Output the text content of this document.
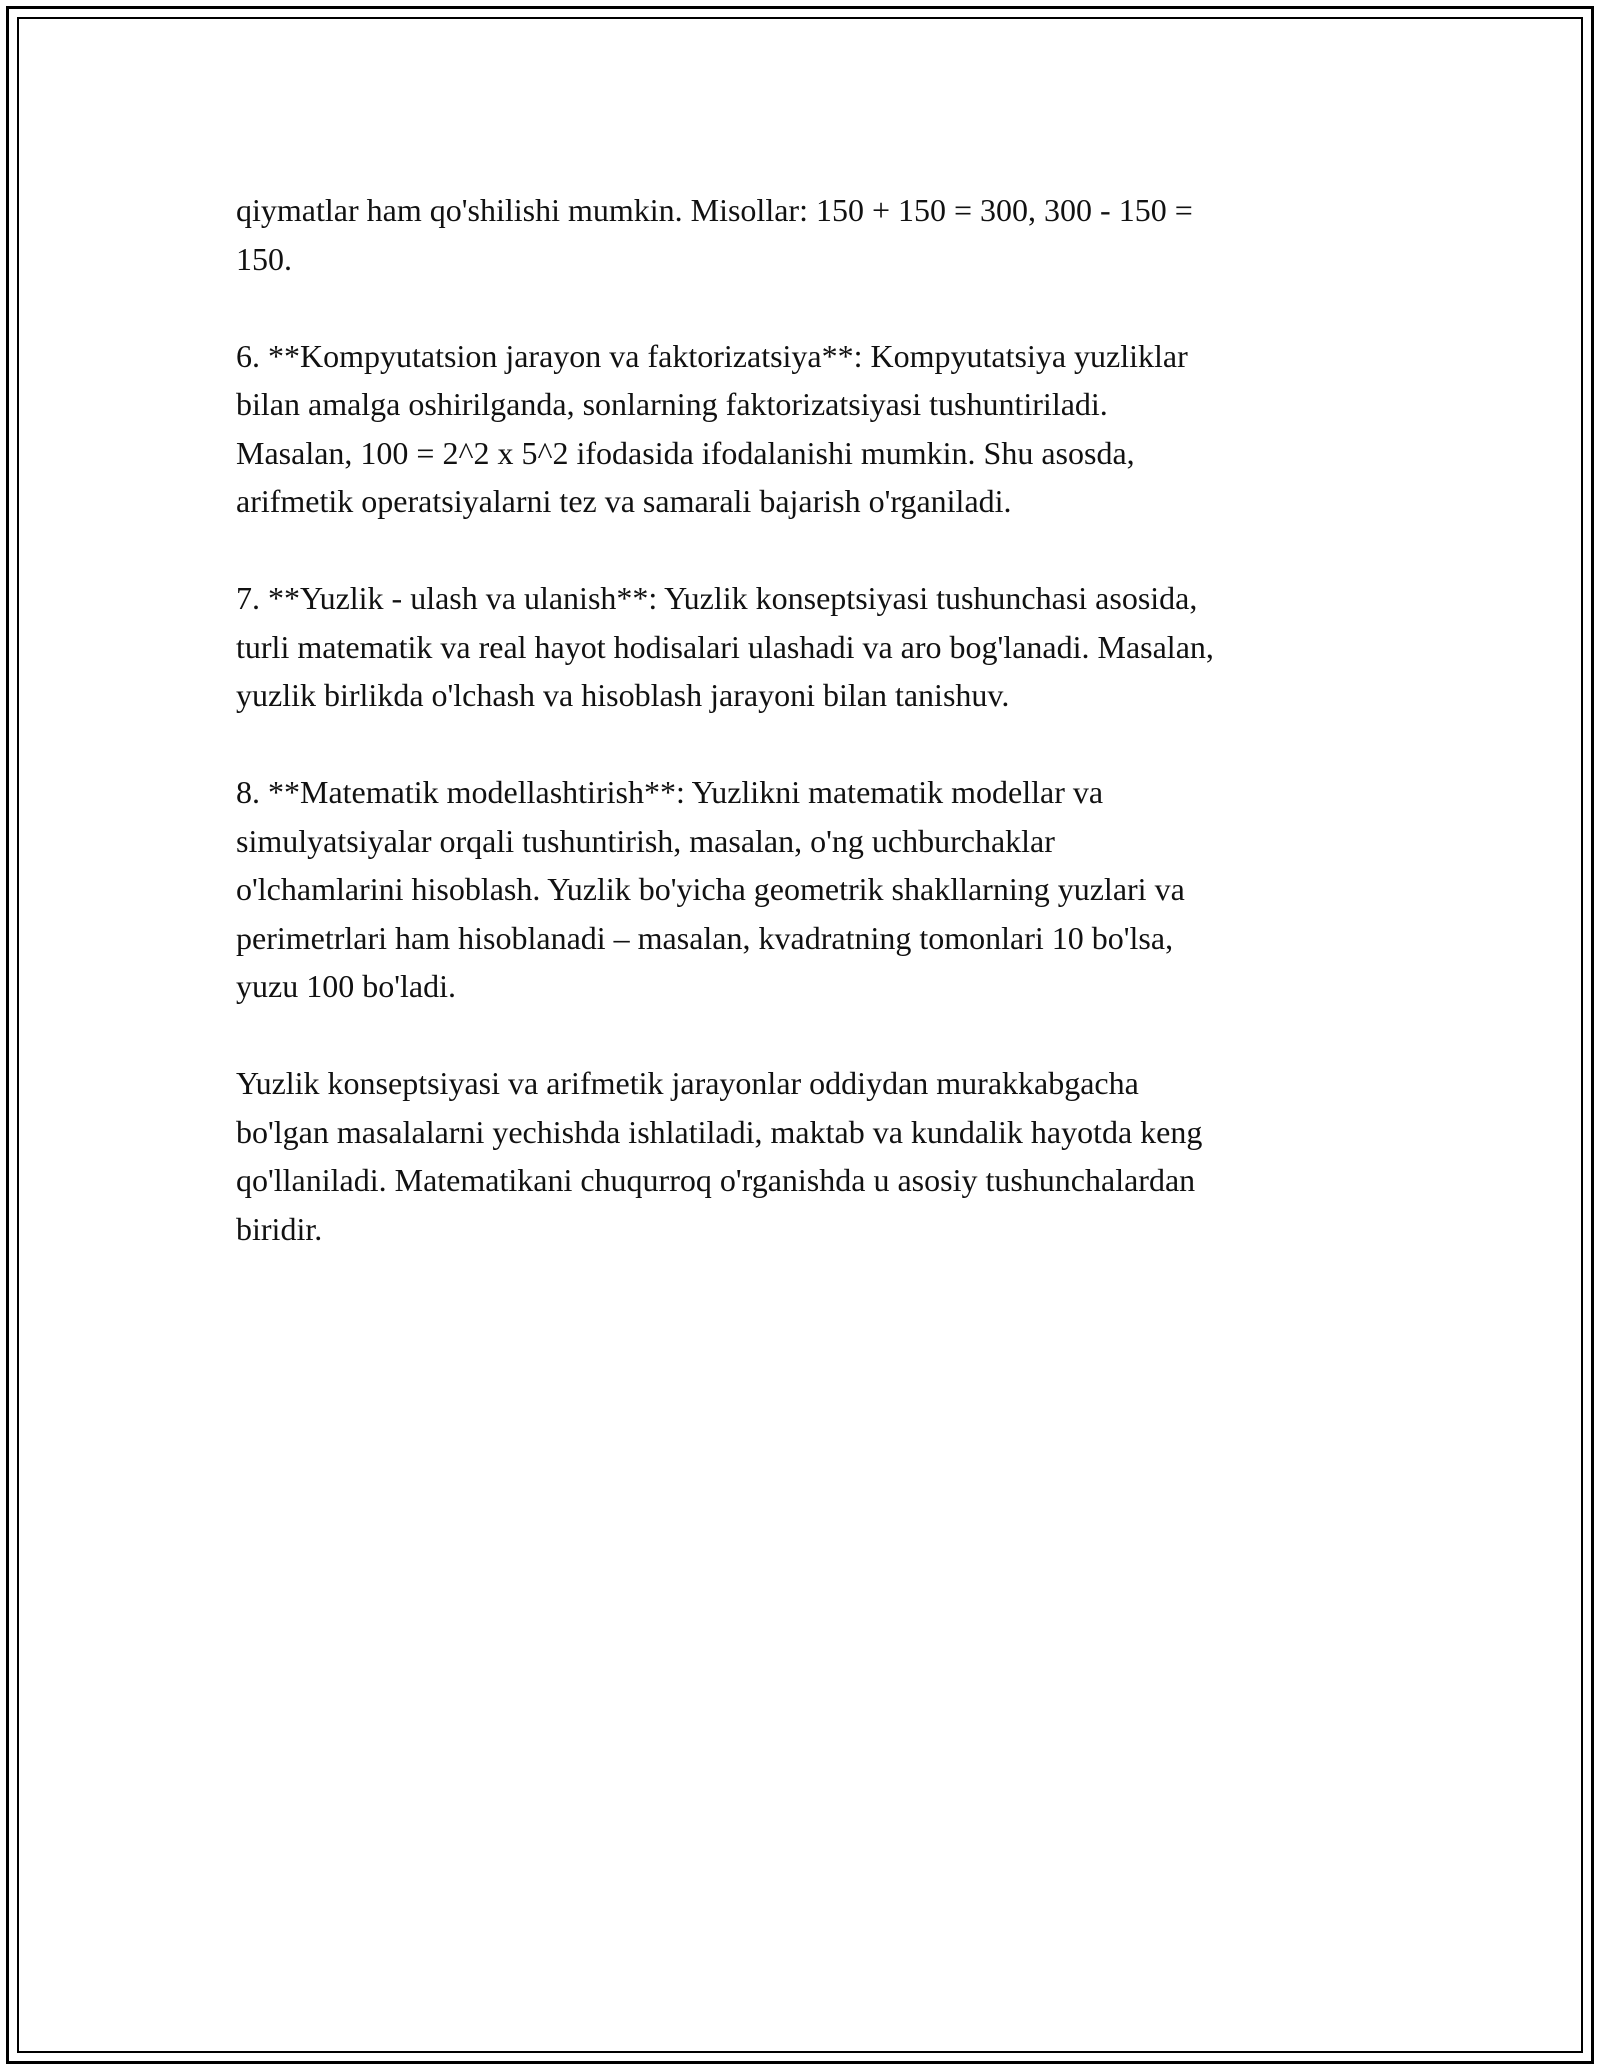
qiymatlar ham qo'shilishi mumkin. Misollar: 150 + 150 = 300, 300 - 150 =
150.

6. **Kompyutatsion jarayon va faktorizatsiya**: Kompyutatsiya yuzliklar
bilan amalga oshirilganda, sonlarning faktorizatsiyasi tushuntiriladi.
Masalan, 100 = 2^2 x 5^2 ifodasida ifodalanishi mumkin. Shu asosda,
arifmetik operatsiyalarni tez va samarali bajarish o'rganiladi.

7. **Yuzlik - ulash va ulanish**: Yuzlik konseptsiyasi tushunchasi asosida,
turli matematik va real hayot hodisalari ulashadi va aro bog'lanadi. Masalan,
yuzlik birlikda o'lchash va hisoblash jarayoni bilan tanishuv.

8. **Matematik modellashtirish**: Yuzlikni matematik modellar va
simulyatsiyalar orqali tushuntirish, masalan, o'ng uchburchaklar
o'lchamlarini hisoblash. Yuzlik bo'yicha geometrik shakllarning yuzlari va
perimetrlari ham hisoblanadi – masalan, kvadratning tomonlari 10 bo'lsa,
yuzu 100 bo'ladi.

Yuzlik konseptsiyasi va arifmetik jarayonlar oddiydan murakkabgacha
bo'lgan masalalarni yechishda ishlatiladi, maktab va kundalik hayotda keng
qo'llaniladi. Matematikani chuqurroq o'rganishda u asosiy tushunchalardan
biridir.
